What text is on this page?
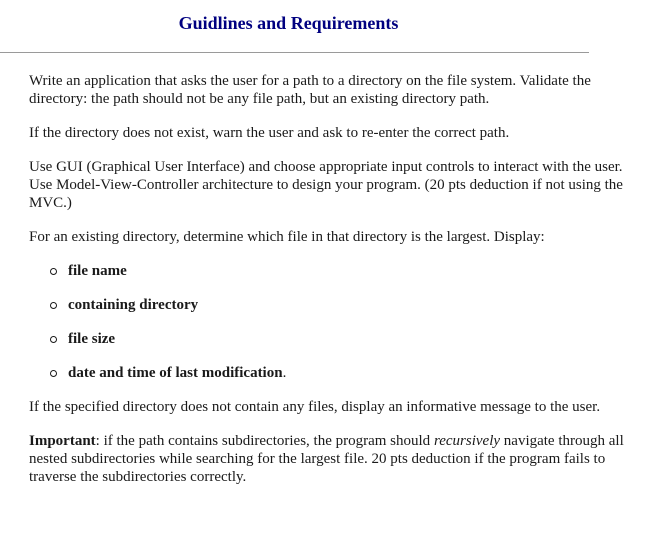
Guidlines and Requirements

Write an application that asks the user for a path to a directory on the file system. Validate the directory: the path should not be any file path, but an existing directory path.

If the directory does not exist, warn the user and ask to re-enter the correct path.

Use GUI (Graphical User Interface) and choose appropriate input controls to interact with the user. Use Model-View-Controller architecture to design your program. (20 pts deduction if not using the MVC.)

For an existing directory, determine which file in that directory is the largest. Display:

file name
containing directory
file size
date and time of last modification.

If the specified directory does not contain any files, display an informative message to the user.

Important: if the path contains subdirectories, the program should recursively navigate through all nested subdirectories while searching for the largest file. 20 pts deduction if the program fails to traverse the subdirectories correctly.
